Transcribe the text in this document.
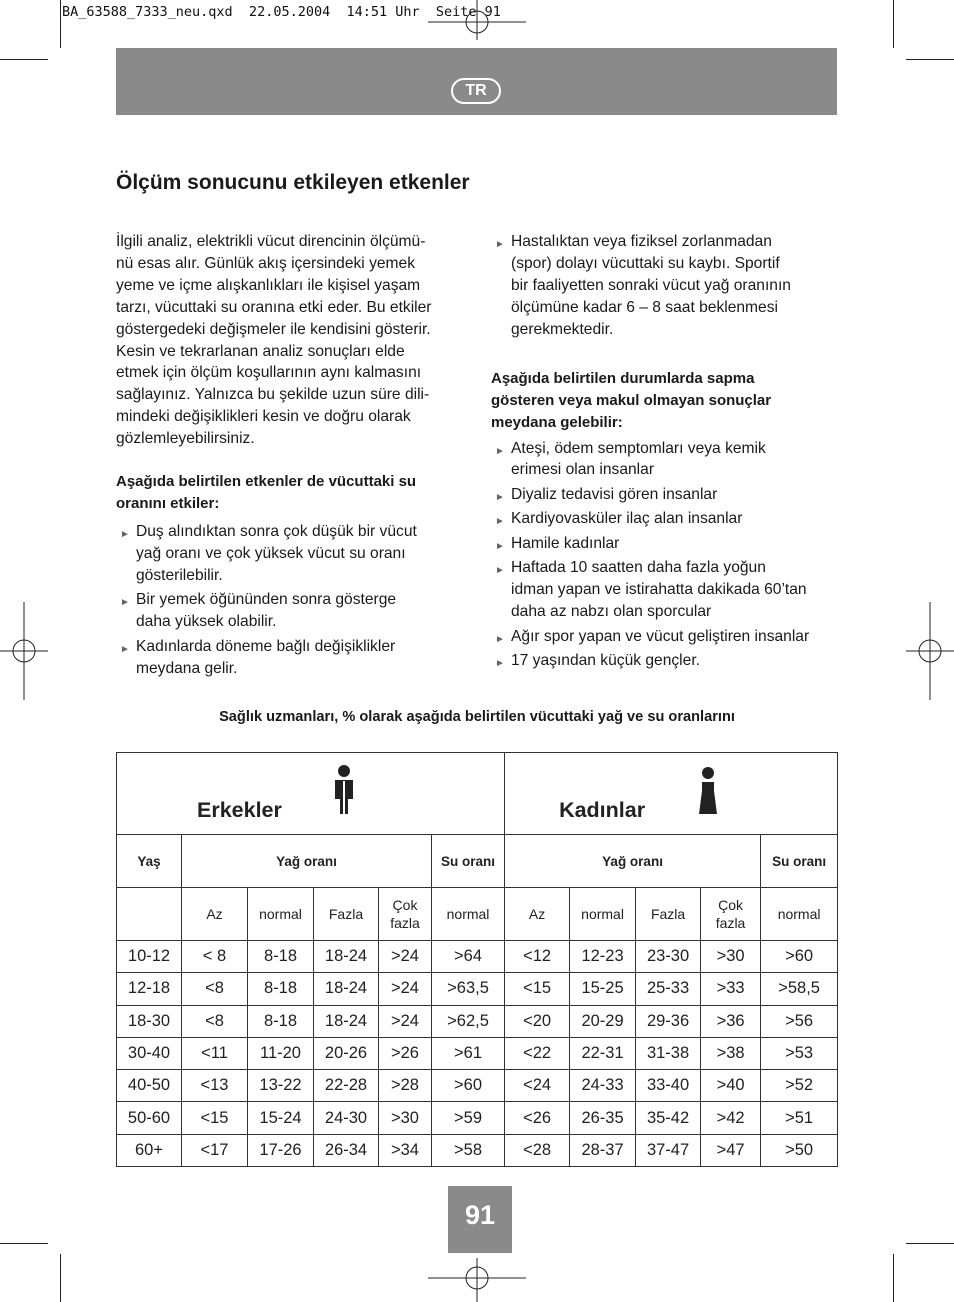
BA_63588_7333_neu.qxd  22.05.2004  14:51 Uhr  Seite 91
TR
Ölçüm sonucunu etkileyen etkenler

İlgili analiz, elektrikli vücut direncinin ölçümü-
nü esas alır. Günlük akış içersindeki yemek
yeme ve içme alışkanlıkları ile kişisel yaşam
tarzı, vücuttaki su oranına etki eder. Bu etkiler
göstergedeki değişmeler ile kendisini gösterir.
Kesin ve tekrarlanan analiz sonuçları elde
etmek için ölçüm koşullarının aynı kalmasını
sağlayınız. Yalnızca bu şekilde uzun süre dili-
mindeki değişiklikleri kesin ve doğru olarak
gözlemleyebilirsiniz.

Aşağıda belirtilen etkenler de vücuttaki su
oranını etkiler:

► Duş alındıktan sonra çok düşük bir vücut
yağ oranı ve çok yüksek vücut su oranı
gösterilebilir.
► Bir yemek öğününden sonra gösterge
daha yüksek olabilir.
► Kadınlarda döneme bağlı değişiklikler
meydana gelir.
► Hastalıktan veya fiziksel zorlanmadan
(spor) dolayı vücuttaki su kaybı. Sportif
bir faaliyetten sonraki vücut yağ oranının
ölçümüne kadar 6 – 8 saat beklenmesi
gerekmektedir.

Aşağıda belirtilen durumlarda sapma
gösteren veya makul olmayan sonuçlar
meydana gelebilir:

► Ateşi, ödem semptomları veya kemik
erimesi olan insanlar
► Diyaliz tedavisi gören insanlar
► Kardiyovasküler ilaç alan insanlar
► Hamile kadınlar
► Haftada 10 saatten daha fazla yoğun
idman yapan ve istirahatta dakikada 60’tan
daha az nabzı olan sporcular
► Ağır spor yapan ve vücut geliştiren insanlar
► 17 yaşından küçük gençler.
Sağlık uzmanları, % olarak aşağıda belirtilen vücuttaki yağ ve su oranlarını
Erkekler						Kadınlar				

Yaş	Yağ oranı				Su oranı	Yağ oranı				Su oranı
	Az	normal	Fazla	Çok
fazla	normal	Az	normal	Fazla	Çok
fazla	normal
10-12	< 8	8-18	18-24	>24	>64	<12	12-23	23-30	>30	>60
12-18	<8	8-18	18-24	>24	>63,5	<15	15-25	25-33	>33	>58,5
18-30	<8	8-18	18-24	>24	>62,5	<20	20-29	29-36	>36	>56
30-40	<11	11-20	20-26	>26	>61	<22	22-31	31-38	>38	>53
40-50	<13	13-22	22-28	>28	>60	<24	24-33	33-40	>40	>52
50-60	<15	15-24	24-30	>30	>59	<26	26-35	35-42	>42	>51
60+	<17	17-26	26-34	>34	>58	<28	28-37	37-47	>47	>50
91
